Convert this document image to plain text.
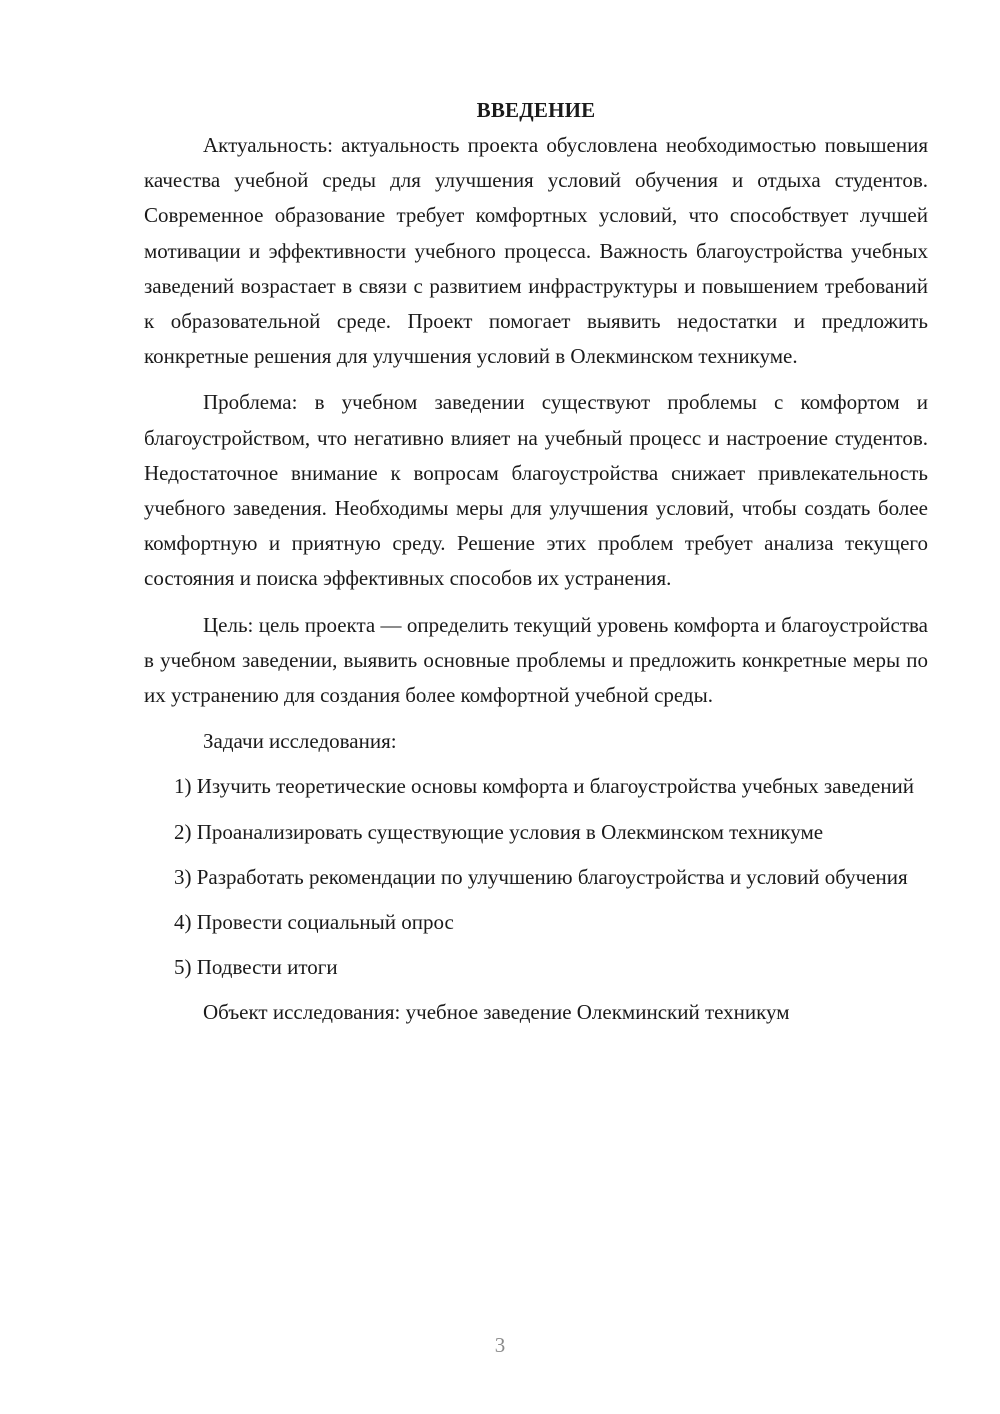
ВВЕДЕНИЕ

Актуальность: актуальность проекта обусловлена необходимостью повышения качества учебной среды для улучшения условий обучения и отдыха студентов. Современное образование требует комфортных условий, что способствует лучшей мотивации и эффективности учебного процесса. Важность благоустройства учебных заведений возрастает в связи с развитием инфраструктуры и повышением требований к образовательной среде. Проект помогает выявить недостатки и предложить конкретные решения для улучшения условий в Олекминском техникуме.

Проблема: в учебном заведении существуют проблемы с комфортом и благоустройством, что негативно влияет на учебный процесс и настроение студентов. Недостаточное внимание к вопросам благоустройства снижает привлекательность учебного заведения. Необходимы меры для улучшения условий, чтобы создать более комфортную и приятную среду. Решение этих проблем требует анализа текущего состояния и поиска эффективных способов их устранения.

Цель: цель проекта — определить текущий уровень комфорта и благоустройства в учебном заведении, выявить основные проблемы и предложить конкретные меры по их устранению для создания более комфортной учебной среды.

Задачи исследования:

1) Изучить теоретические основы комфорта и благоустройства учебных заведений

2) Проанализировать существующие условия в Олекминском техникуме

3) Разработать рекомендации по улучшению благоустройства и условий обучения

4) Провести социальный опрос

5) Подвести итоги

Объект исследования: учебное заведение Олекминский техникум

3
